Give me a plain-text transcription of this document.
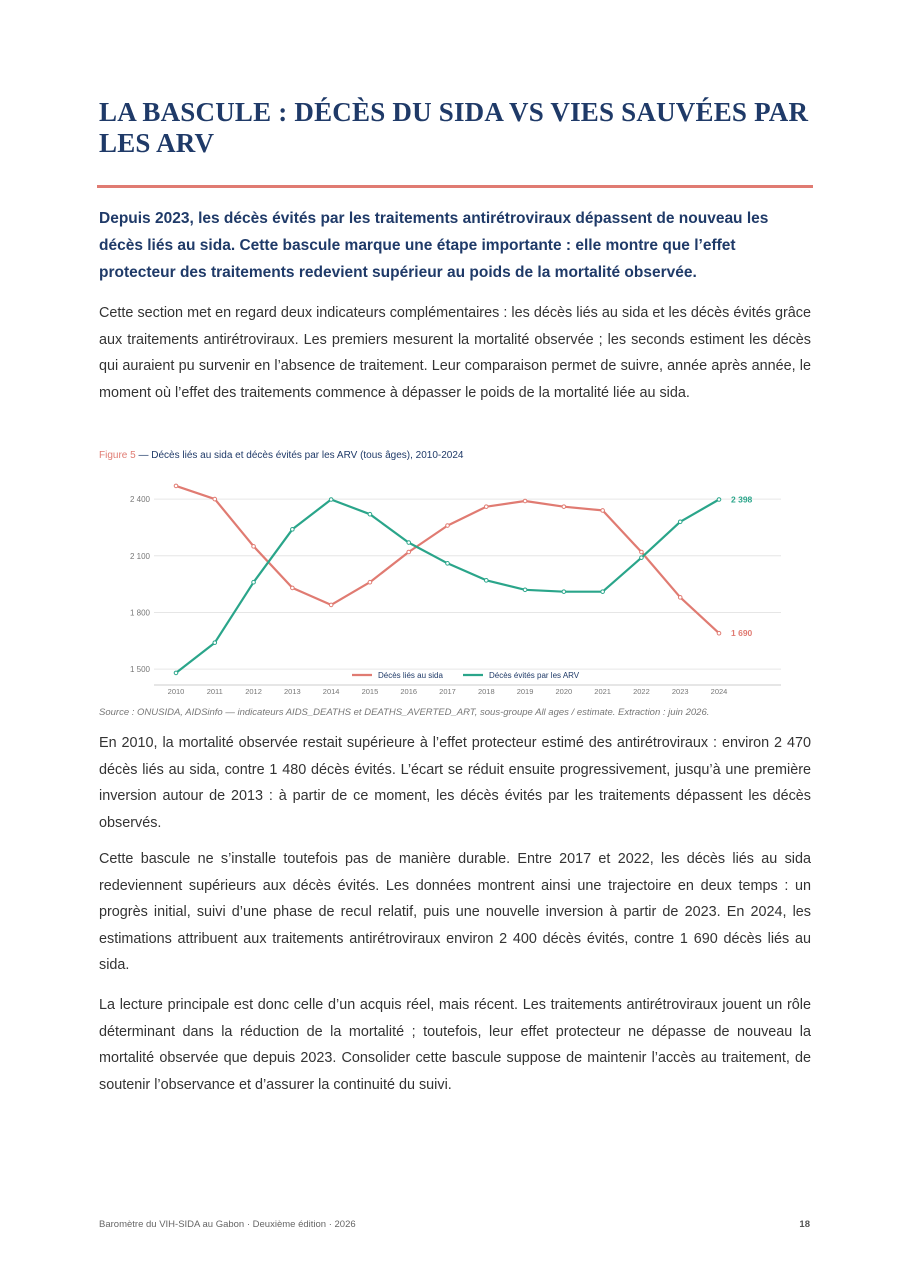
LA BASCULE : DÉCÈS DU SIDA VS VIES SAUVÉES PAR LES ARV

Depuis 2023, les décès évités par les traitements antirétroviraux dépassent de nouveau les décès liés au sida. Cette bascule marque une étape importante : elle montre que l’effet protecteur des traitements redevient supérieur au poids de la mortalité observée.

Cette section met en regard deux indicateurs complémentaires : les décès liés au sida et les décès évités grâce aux traitements antirétroviraux. Les premiers mesurent la mortalité observée ; les seconds estiment les décès qui auraient pu survenir en l’absence de traitement. Leur comparaison permet de suivre, année après année, le moment où l’effet des traitements commence à dépasser le poids de la mortalité liée au sida.

Figure 5 — Décès liés au sida et décès évités par les ARV (tous âges), 2010-2024

1 500
1 800
2 100
2 400
2010	2011	2012	2013	2014	2015	2016	2017	2018	2019	2020	2021	2022	2023	2024
1 690
2 398
Décès liés au sida	Décès évités par les ARV

Source : ONUSIDA, AIDSinfo — indicateurs AIDS_DEATHS et DEATHS_AVERTED_ART, sous-groupe All ages / estimate. Extraction : juin 2026.

En 2010, la mortalité observée restait supérieure à l’effet protecteur estimé des antirétroviraux : environ 2 470 décès liés au sida, contre 1 480 décès évités. L’écart se réduit ensuite progressivement, jusqu’à une première inversion autour de 2013 : à partir de ce moment, les décès évités par les traitements dépassent les décès observés.

Cette bascule ne s’installe toutefois pas de manière durable. Entre 2017 et 2022, les décès liés au sida redeviennent supérieurs aux décès évités. Les données montrent ainsi une trajectoire en deux temps : un progrès initial, suivi d’une phase de recul relatif, puis une nouvelle inversion à partir de 2023. En 2024, les estimations attribuent aux traitements antirétroviraux environ 2 400 décès évités, contre 1 690 décès liés au sida.

La lecture principale est donc celle d’un acquis réel, mais récent. Les traitements antirétroviraux jouent un rôle déterminant dans la réduction de la mortalité ; toutefois, leur effet protecteur ne dépasse de nouveau la mortalité observée que depuis 2023. Consolider cette bascule suppose de maintenir l’accès au traitement, de soutenir l’observance et d’assurer la continuité du suivi.

Baromètre du VIH-SIDA au Gabon · Deuxième édition · 2026	18
